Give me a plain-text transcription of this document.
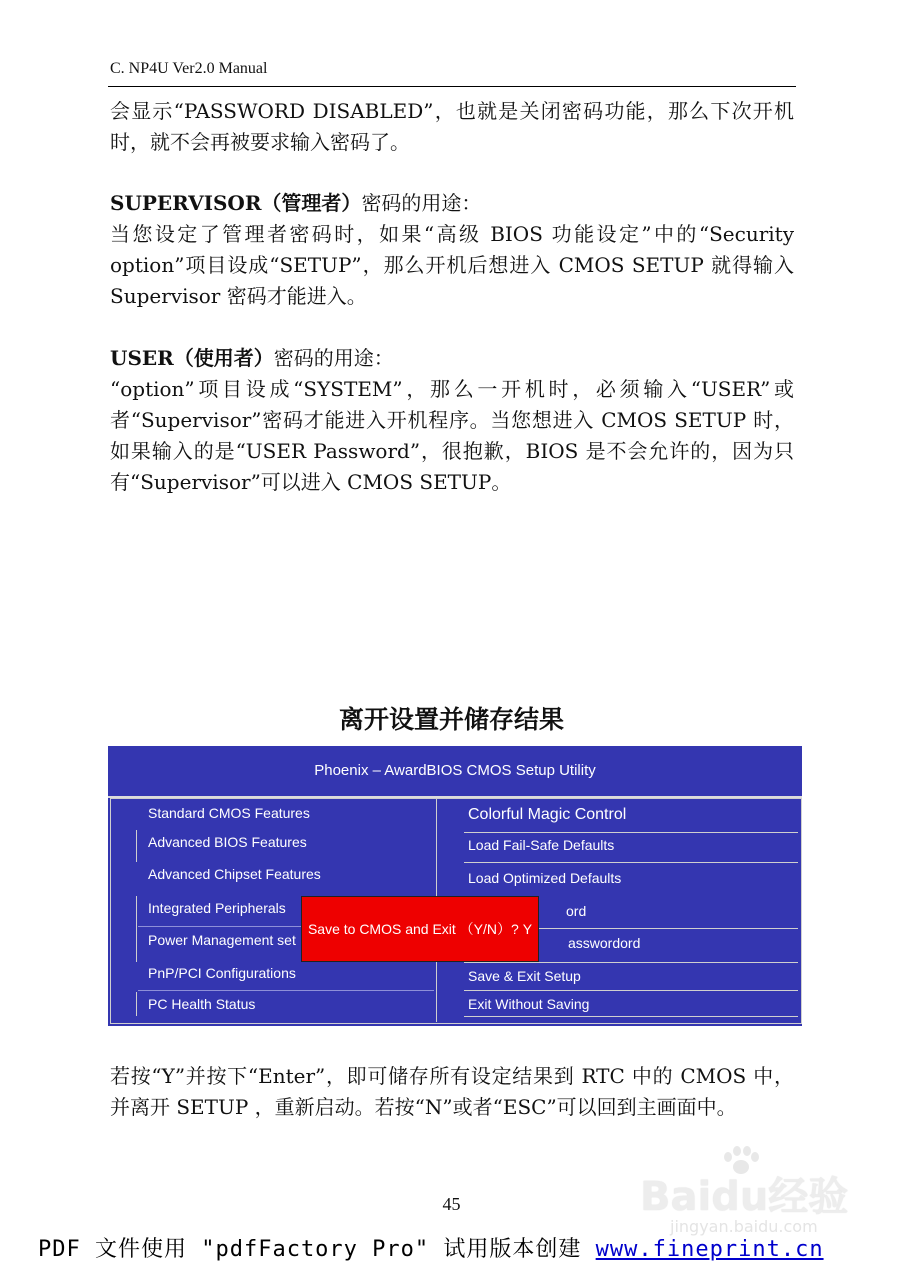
C. NP4U Ver2.0 Manual

会显示“PASSWORD DISABLED”，也就是关闭密码功能，那么下次开机时，就不会再被要求输入密码了。

SUPERVISOR（管理者）密码的用途：
当您设定了管理者密码时，如果“高级 BIOS 功能设定”中的“Security option”项目设成“SETUP”，那么开机后想进入 CMOS SETUP 就得输入 Supervisor 密码才能进入。

USER（使用者）密码的用途：
“option”项目设成“SYSTEM”，那么一开机时，必须输入“USER”或者“Supervisor”密码才能进入开机程序。当您想进入 CMOS SETUP 时，如果输入的是“USER Password”，很抱歉，BIOS 是不会允许的，因为只有“Supervisor”可以进入 CMOS SETUP。

离开设置并储存结果
Phoenix – AwardBIOS CMOS Setup Utility
Standard CMOS Features
Advanced BIOS Features
Advanced Chipset Features
Integrated Peripherals
Power Management set
PnP/PCI Configurations
PC Health Status
Colorful Magic Control
Load Fail-Safe Defaults
Load Optimized Defaults
ord
asswordord
Save & Exit Setup
Exit Without Saving
Save to CMOS and Exit （Y/N）? Y

若按“Y”并按下“Enter”，即可储存所有设定结果到 RTC 中的 CMOS 中，并离开 SETUP ，重新启动。若按“N”或者“ESC”可以回到主画面中。

45	Baidu经验
jingyan.baidu.com
PDF 文件使用 "pdfFactory Pro" 试用版本创建 www.fineprint.cn
